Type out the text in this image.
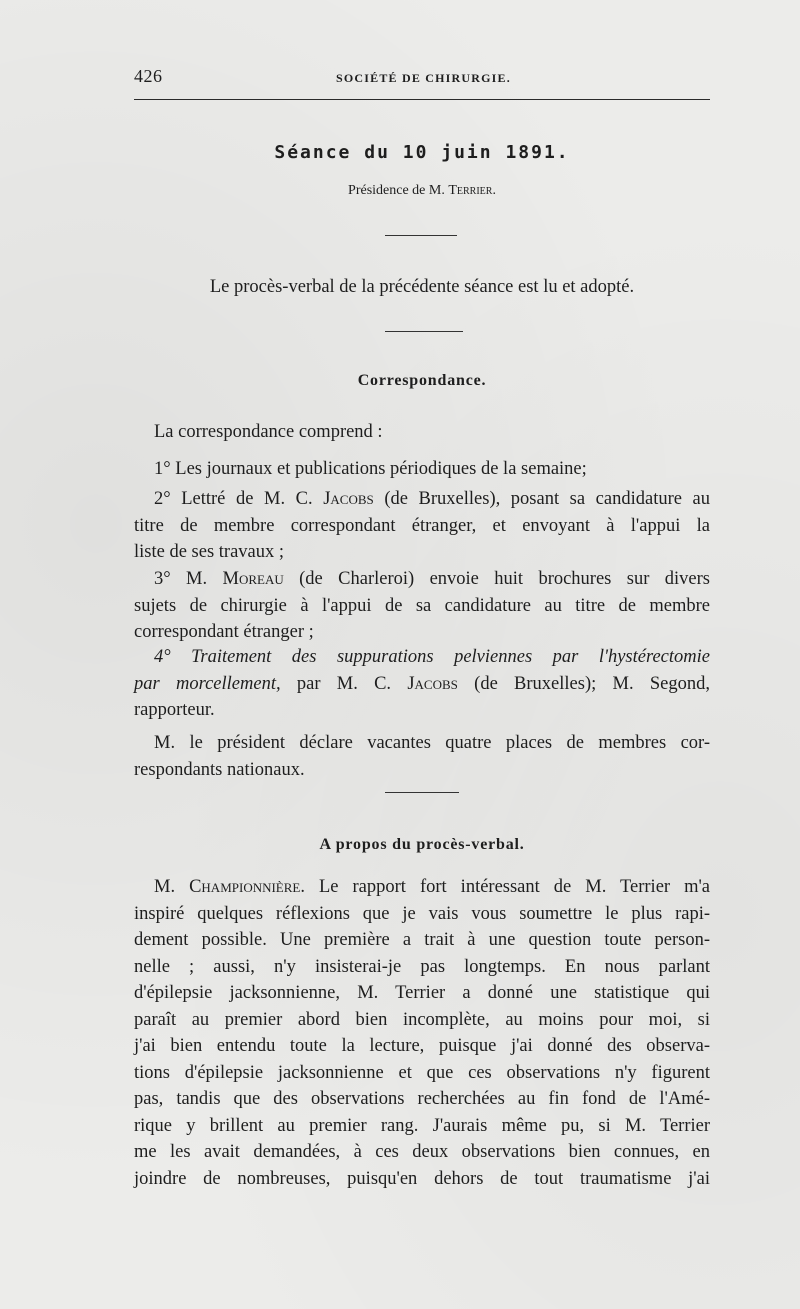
426	SOCIÉTÉ DE CHIRURGIE.
Séance du 10 juin 1891.
Présidence de M. Terrier.
Le procès-verbal de la précédente séance est lu et adopté.
Correspondance.
La correspondance comprend :
1° Les journaux et publications périodiques de la semaine;
2° Lettré de M. C. Jacobs (de Bruxelles), posant sa candidature au
titre de membre correspondant étranger, et envoyant à l'appui la
liste de ses travaux ;
3° M. Moreau (de Charleroi) envoie huit brochures sur divers
sujets de chirurgie à l'appui de sa candidature au titre de membre
correspondant étranger ;
4° Traitement des suppurations pelviennes par l'hystérectomie
par morcellement, par M. C. Jacobs (de Bruxelles); M. Segond,
rapporteur.
M. le président déclare vacantes quatre places de membres cor-
respondants nationaux.
A propos du procès-verbal.
M. Championnière. Le rapport fort intéressant de M. Terrier m'a
inspiré quelques réflexions que je vais vous soumettre le plus rapi-
dement possible. Une première a trait à une question toute person-
nelle ; aussi, n'y insisterai-je pas longtemps. En nous parlant
d'épilepsie jacksonnienne, M. Terrier a donné une statistique qui
paraît au premier abord bien incomplète, au moins pour moi, si
j'ai bien entendu toute la lecture, puisque j'ai donné des observa-
tions d'épilepsie jacksonnienne et que ces observations n'y figurent
pas, tandis que des observations recherchées au fin fond de l'Amé-
rique y brillent au premier rang. J'aurais même pu, si M. Terrier
me les avait demandées, à ces deux observations bien connues, en
joindre de nombreuses, puisqu'en dehors de tout traumatisme j'ai
